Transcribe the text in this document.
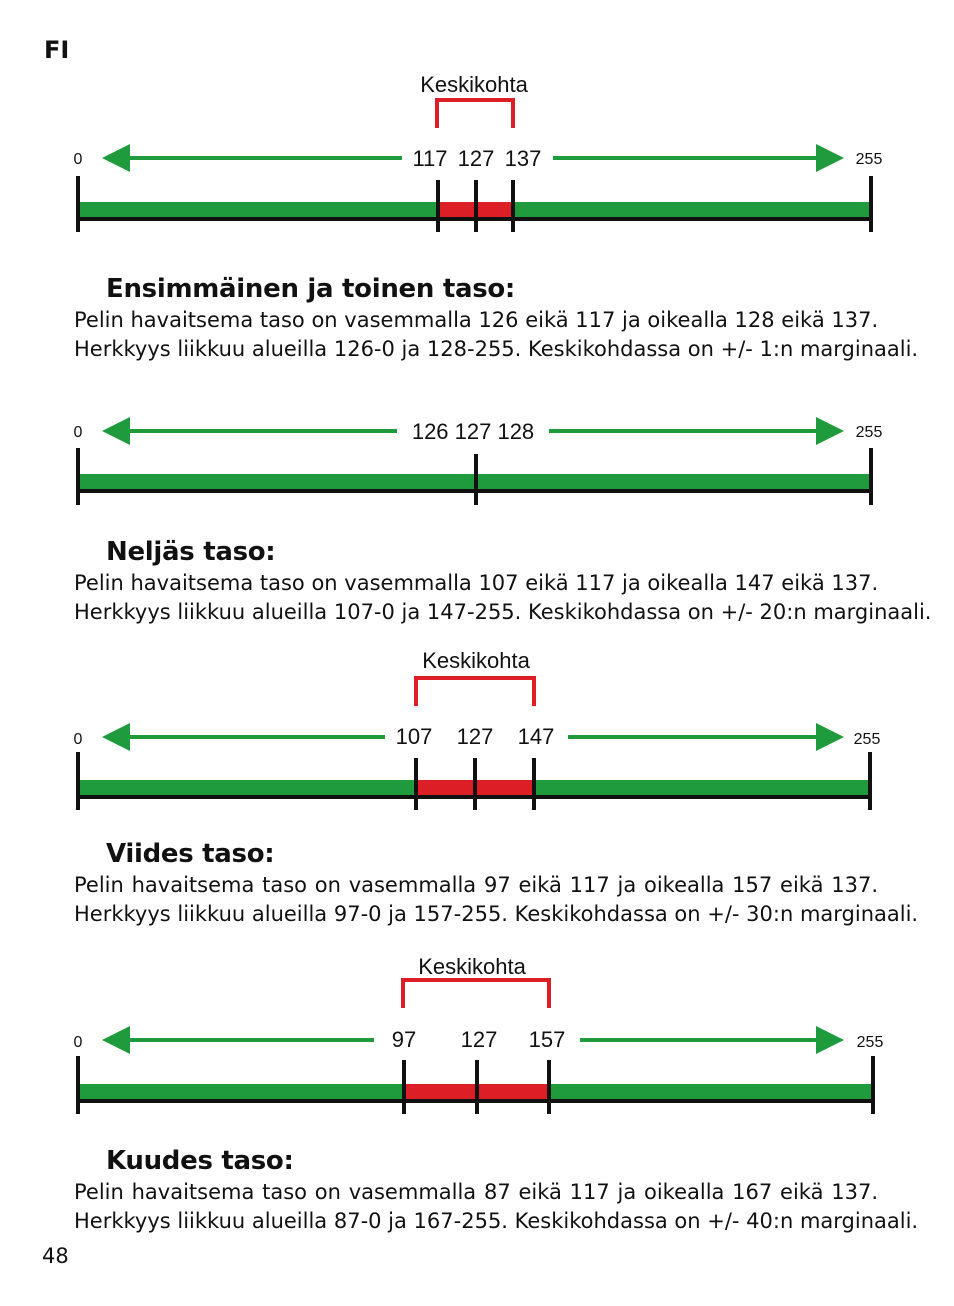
FI
Keskikohta
0	255
117 127 137
Ensimmäinen ja toinen taso:
Pelin havaitsema taso on vasemmalla 126 eikä 117 ja oikealla 128 eikä 137.
Herkkyys liikkuu alueilla 126-0 ja 128-255. Keskikohdassa on +/- 1:n marginaali.
0	255
126 127 128
Neljäs taso:
Pelin havaitsema taso on vasemmalla 107 eikä 117 ja oikealla 147 eikä 137.
Herkkyys liikkuu alueilla 107-0 ja 147-255. Keskikohdassa on +/- 20:n marginaali.
Keskikohta
0	255
107 127 147
Viides taso:
Pelin havaitsema taso on vasemmalla 97 eikä 117 ja oikealla 157 eikä 137.
Herkkyys liikkuu alueilla 97-0 ja 157-255. Keskikohdassa on +/- 30:n marginaali.
Keskikohta
0	255
97 127 157
Kuudes taso:
Pelin havaitsema taso on vasemmalla 87 eikä 117 ja oikealla 167 eikä 137.
Herkkyys liikkuu alueilla 87-0 ja 167-255. Keskikohdassa on +/- 40:n marginaali.
48
